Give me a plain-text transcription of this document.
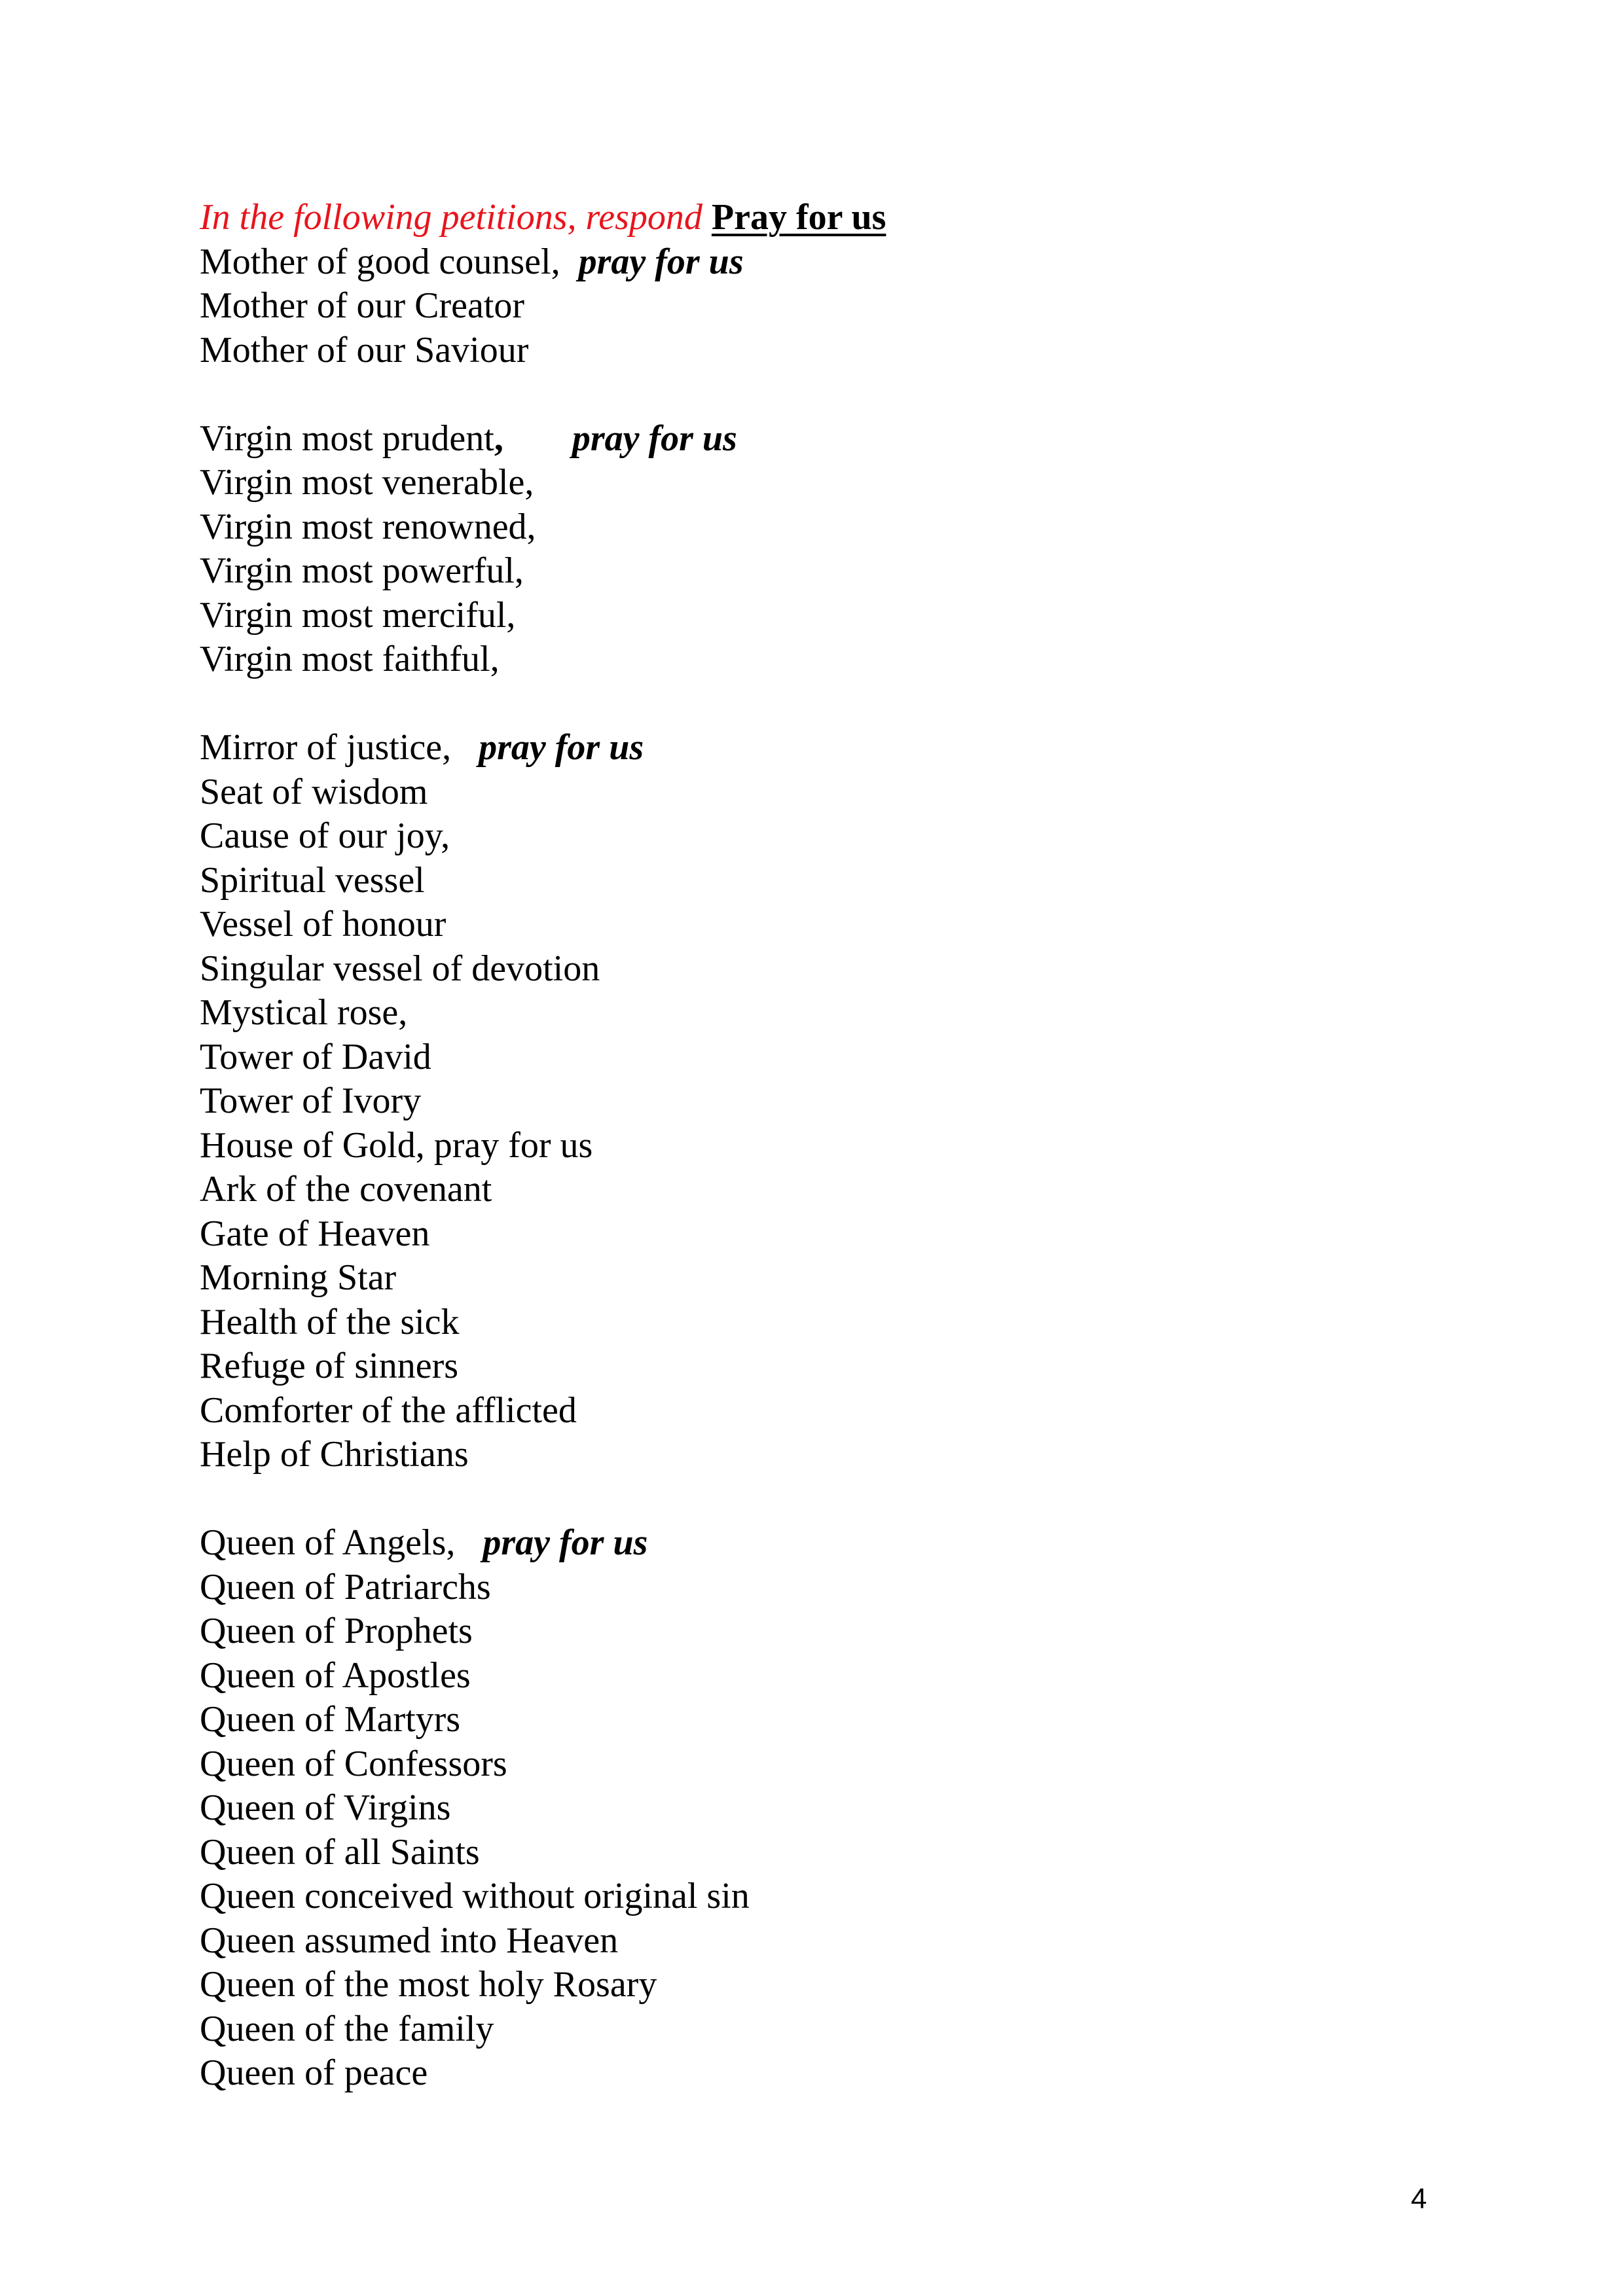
In the following petitions, respond Pray for us
Mother of good counsel, pray for us
Mother of our Creator
Mother of our Saviour
Virgin most prudent, pray for us
Virgin most venerable,
Virgin most renowned,
Virgin most powerful,
Virgin most merciful,
Virgin most faithful,
Mirror of justice, pray for us
Seat of wisdom
Cause of our joy,
Spiritual vessel
Vessel of honour
Singular vessel of devotion
Mystical rose,
Tower of David
Tower of Ivory
House of Gold, pray for us
Ark of the covenant
Gate of Heaven
Morning Star
Health of the sick
Refuge of sinners
Comforter of the afflicted
Help of Christians
Queen of Angels, pray for us
Queen of Patriarchs
Queen of Prophets
Queen of Apostles
Queen of Martyrs
Queen of Confessors
Queen of Virgins
Queen of all Saints
Queen conceived without original sin
Queen assumed into Heaven
Queen of the most holy Rosary
Queen of the family
Queen of peace
4
